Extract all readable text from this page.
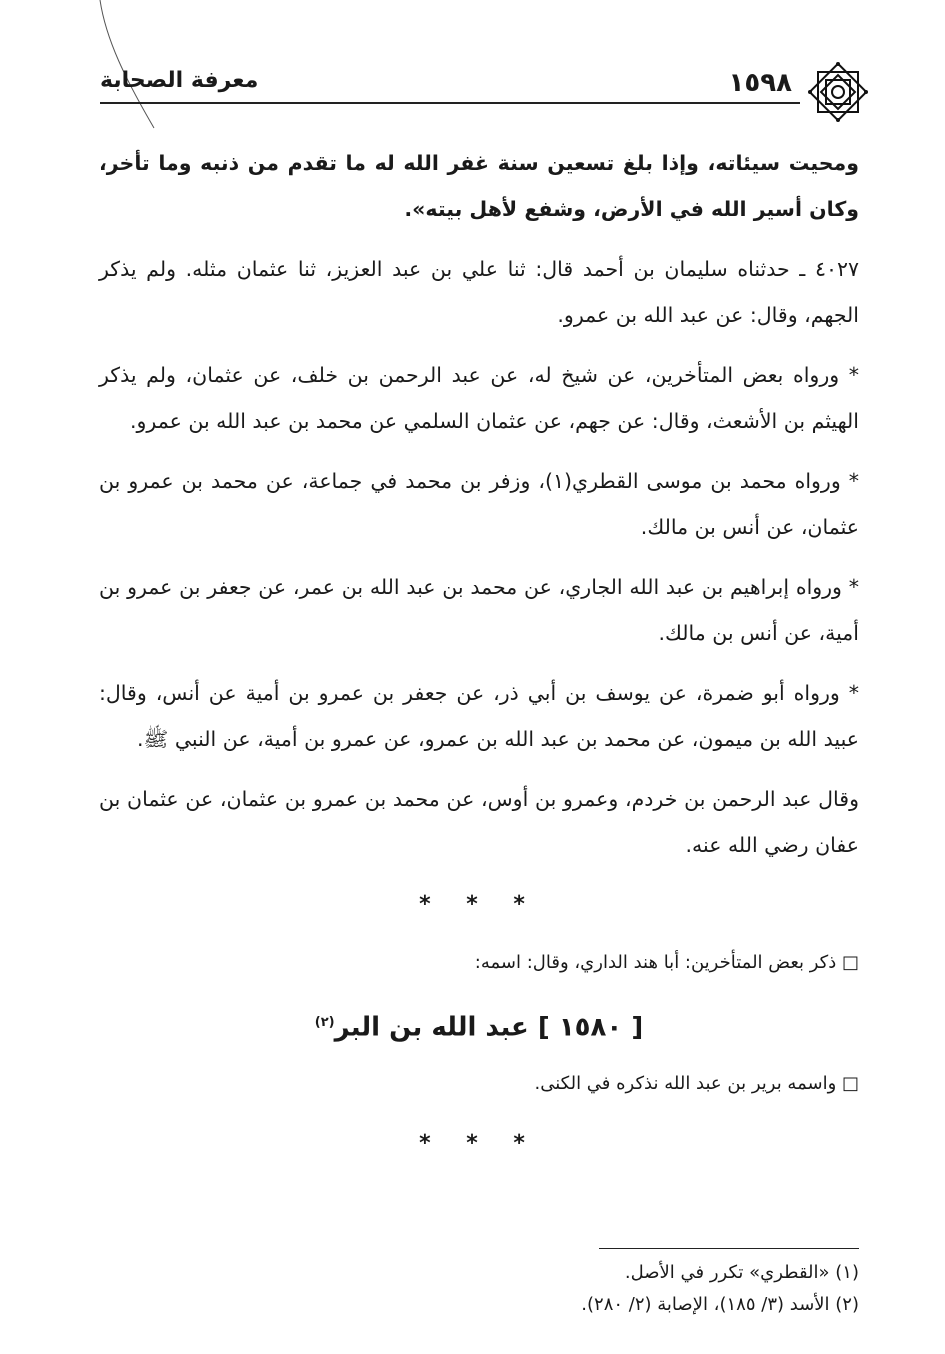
١٥٩٨
معرفة الصحابة

ومحيت سيئاته، وإذا بلغ تسعين سنة غفر الله له ما تقدم من ذنبه وما تأخر، وكان أسير الله في الأرض، وشفع لأهل بيته».

٤٠٢٧ ـ حدثناه سليمان بن أحمد قال: ثنا علي بن عبد العزيز، ثنا عثمان مثله. ولم يذكر الجهم، وقال: عن عبد الله بن عمرو.

* ورواه بعض المتأخرين، عن شيخ له، عن عبد الرحمن بن خلف، عن عثمان، ولم يذكر الهيثم بن الأشعث، وقال: عن جهم، عن عثمان السلمي عن محمد بن عبد الله بن عمرو.

* ورواه محمد بن موسى القطري(١)، وزفر بن محمد في جماعة، عن محمد بن عمرو بن عثمان، عن أنس بن مالك.

* ورواه إبراهيم بن عبد الله الجاري، عن محمد بن عبد الله بن عمر، عن جعفر بن عمرو بن أمية، عن أنس بن مالك.

* ورواه أبو ضمرة، عن يوسف بن أبي ذر، عن جعفر بن عمرو بن أمية عن أنس، وقال: عبيد الله بن ميمون، عن محمد بن عبد الله بن عمرو، عن عمرو بن أمية، عن النبي ﷺ.

وقال عبد الرحمن بن خردم، وعمرو بن أوس، عن محمد بن عمرو بن عثمان، عن عثمان بن عفان رضي الله عنه.

* * *

□ ذكر بعض المتأخرين: أبا هند الداري، وقال: اسمه:

[ ١٥٨٠ ] عبد الله بن البر$^{(٢)}$

□ واسمه برير بن عبد الله نذكره في الكنى.

* * *
(١) «القطري» تكرر في الأصل.
(٢) الأسد (٣/ ١٨٥)، الإصابة (٢/ ٢٨٠).
